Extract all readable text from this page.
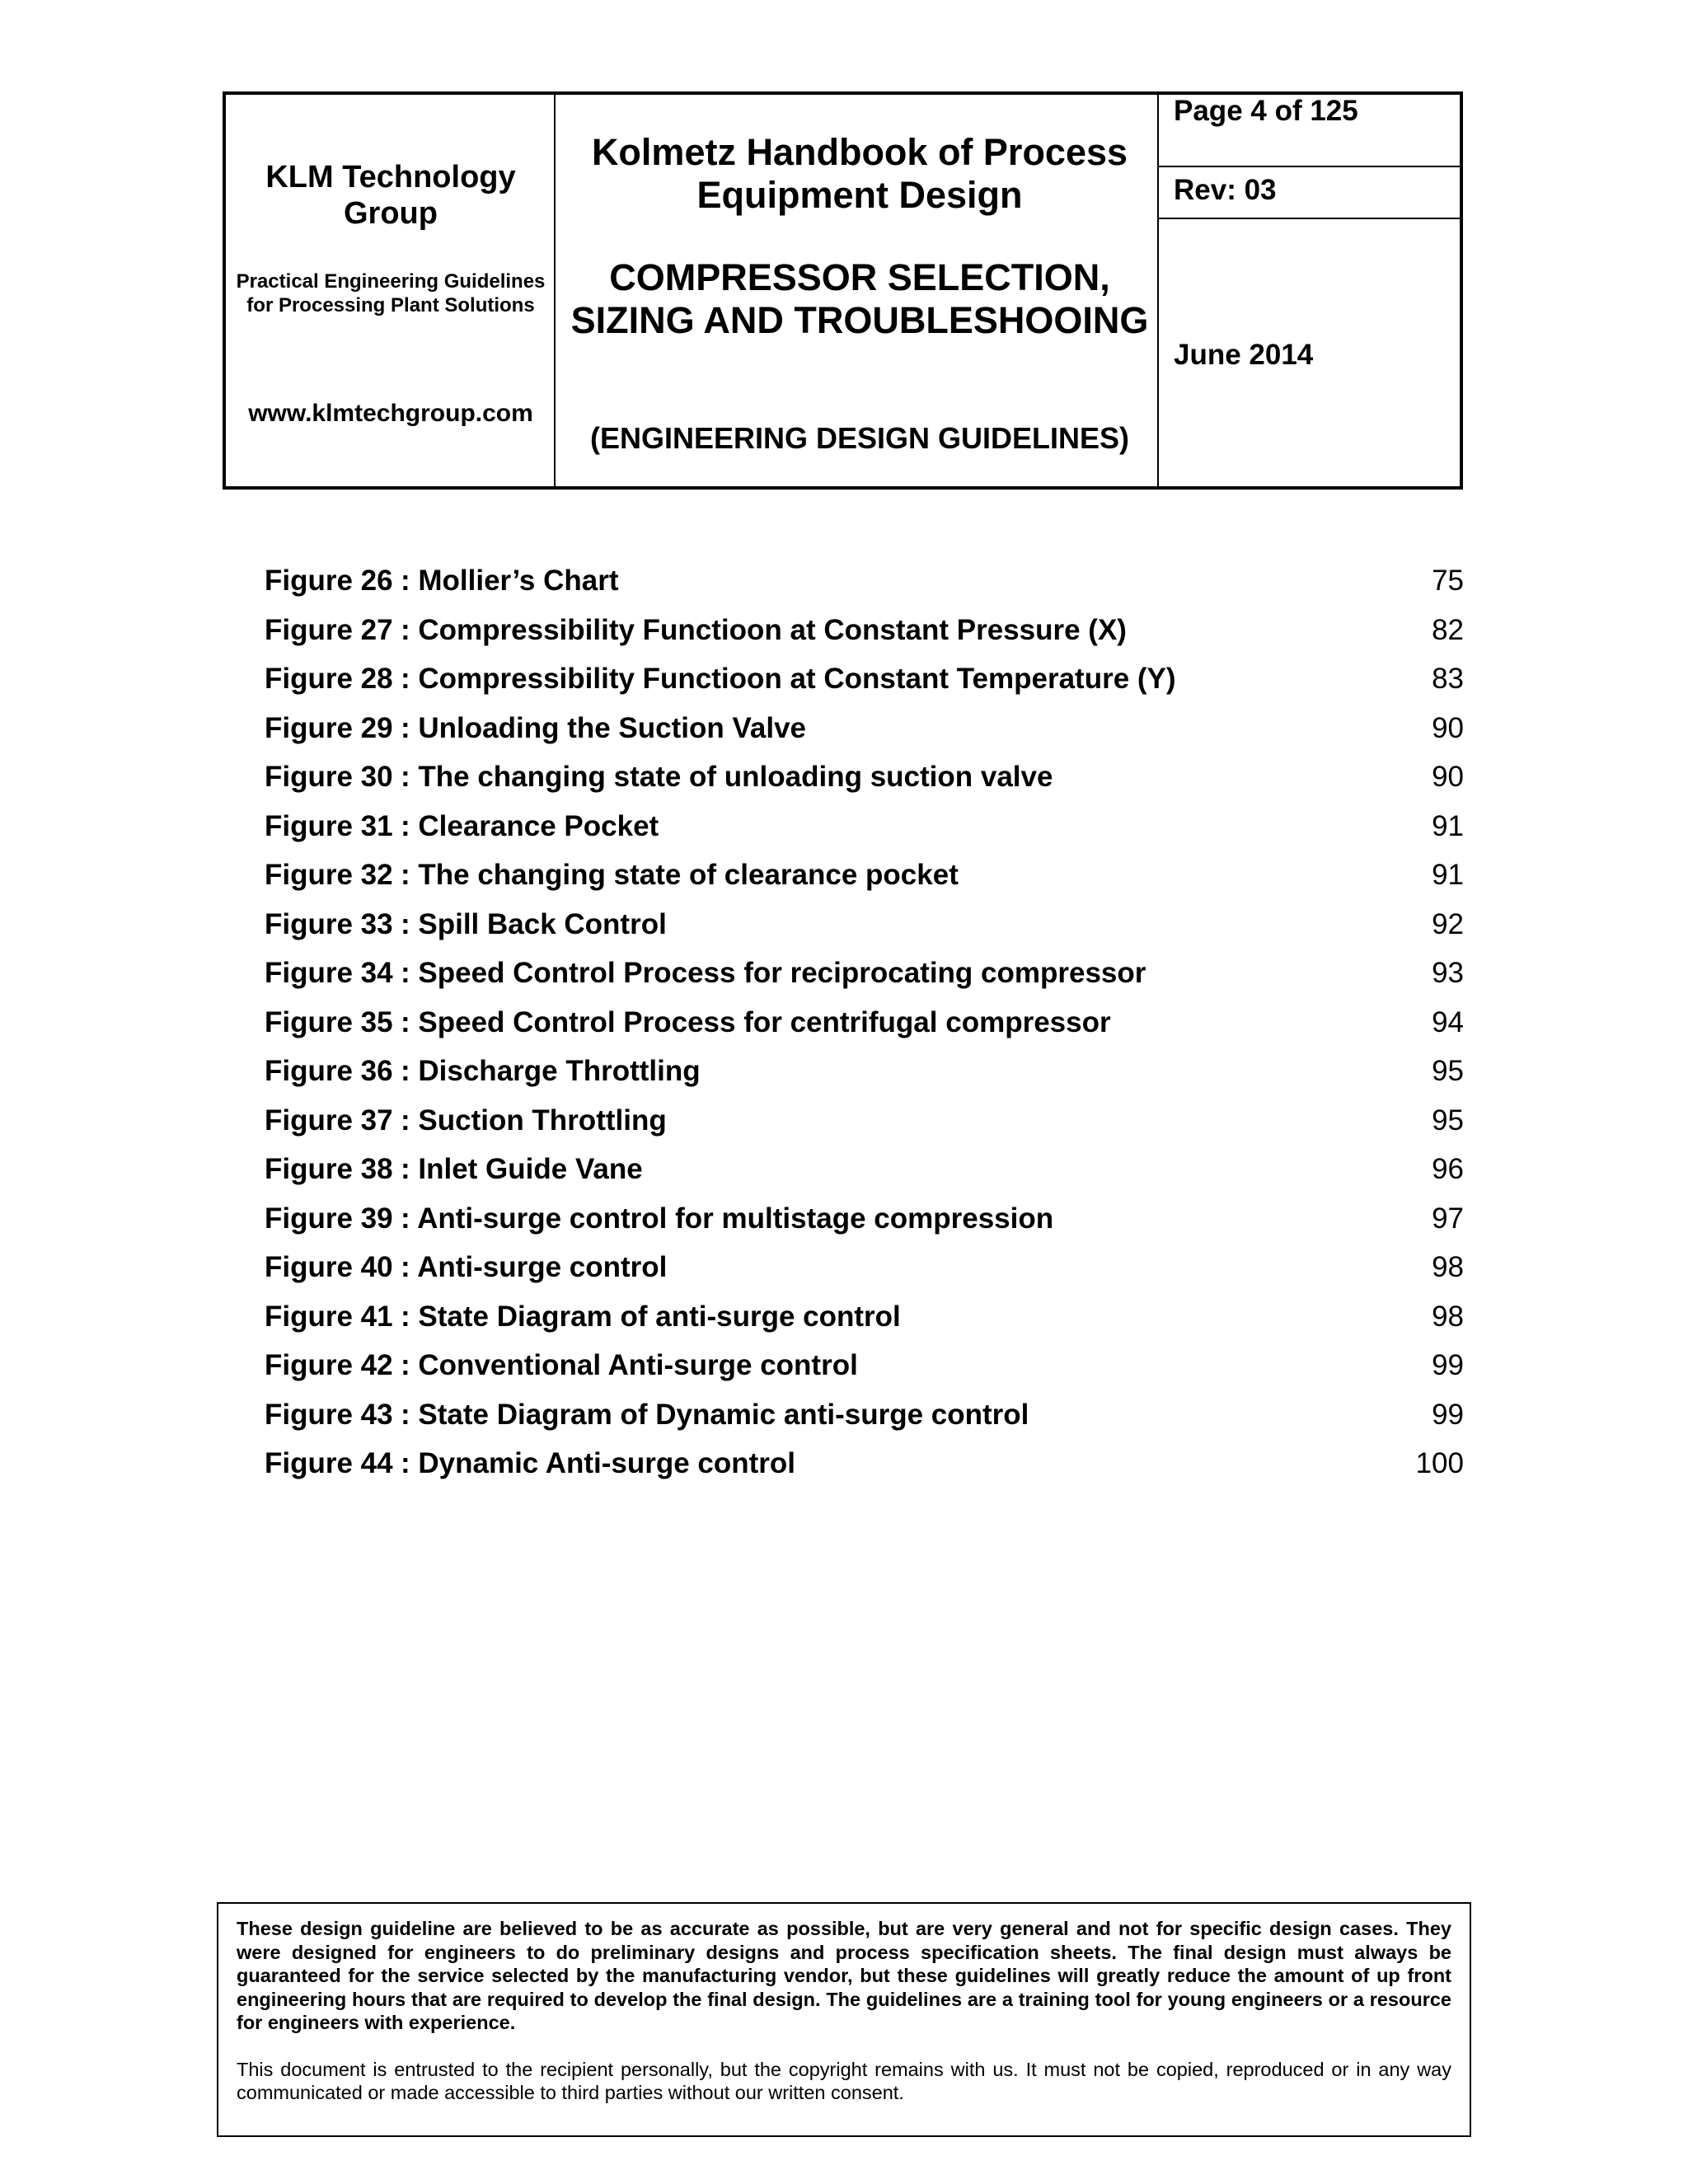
KLM Technology Group
Practical Engineering Guidelines for Processing Plant Solutions
www.klmtechgroup.com
Kolmetz Handbook of Process Equipment Design
COMPRESSOR SELECTION, SIZING AND TROUBLESHOOING
(ENGINEERING DESIGN GUIDELINES)
Page 4 of 125
Rev: 03
June 2014
Figure 26 : Mollier’s Chart	75
Figure 27 : Compressibility Functioon at Constant Pressure (X)	82
Figure 28 : Compressibility Functioon at Constant Temperature (Y)	83
Figure 29 : Unloading the Suction Valve	90
Figure 30 : The changing state of unloading suction valve	90
Figure 31 : Clearance Pocket	91
Figure 32 : The changing state of clearance pocket	91
Figure 33 : Spill Back Control	92
Figure 34 : Speed Control Process for reciprocating compressor	93
Figure 35 : Speed Control Process for centrifugal compressor	94
Figure 36 : Discharge Throttling	95
Figure 37 : Suction Throttling	95
Figure 38 : Inlet Guide Vane	96
Figure 39 : Anti-surge control for multistage compression	97
Figure 40 : Anti-surge control	98
Figure 41 : State Diagram of anti-surge control	98
Figure 42 : Conventional Anti-surge control	99
Figure 43 : State Diagram of Dynamic anti-surge control	99
Figure 44 : Dynamic Anti-surge control	100

These design guideline are believed to be as accurate as possible, but are very general and not for specific design cases. They were designed for engineers to do preliminary designs and process specification sheets. The final design must always be guaranteed for the service selected by the manufacturing vendor, but these guidelines will greatly reduce the amount of up front engineering hours that are required to develop the final design. The guidelines are a training tool for young engineers or a resource for engineers with experience.

This document is entrusted to the recipient personally, but the copyright remains with us. It must not be copied, reproduced or in any way communicated or made accessible to third parties without our written consent.
